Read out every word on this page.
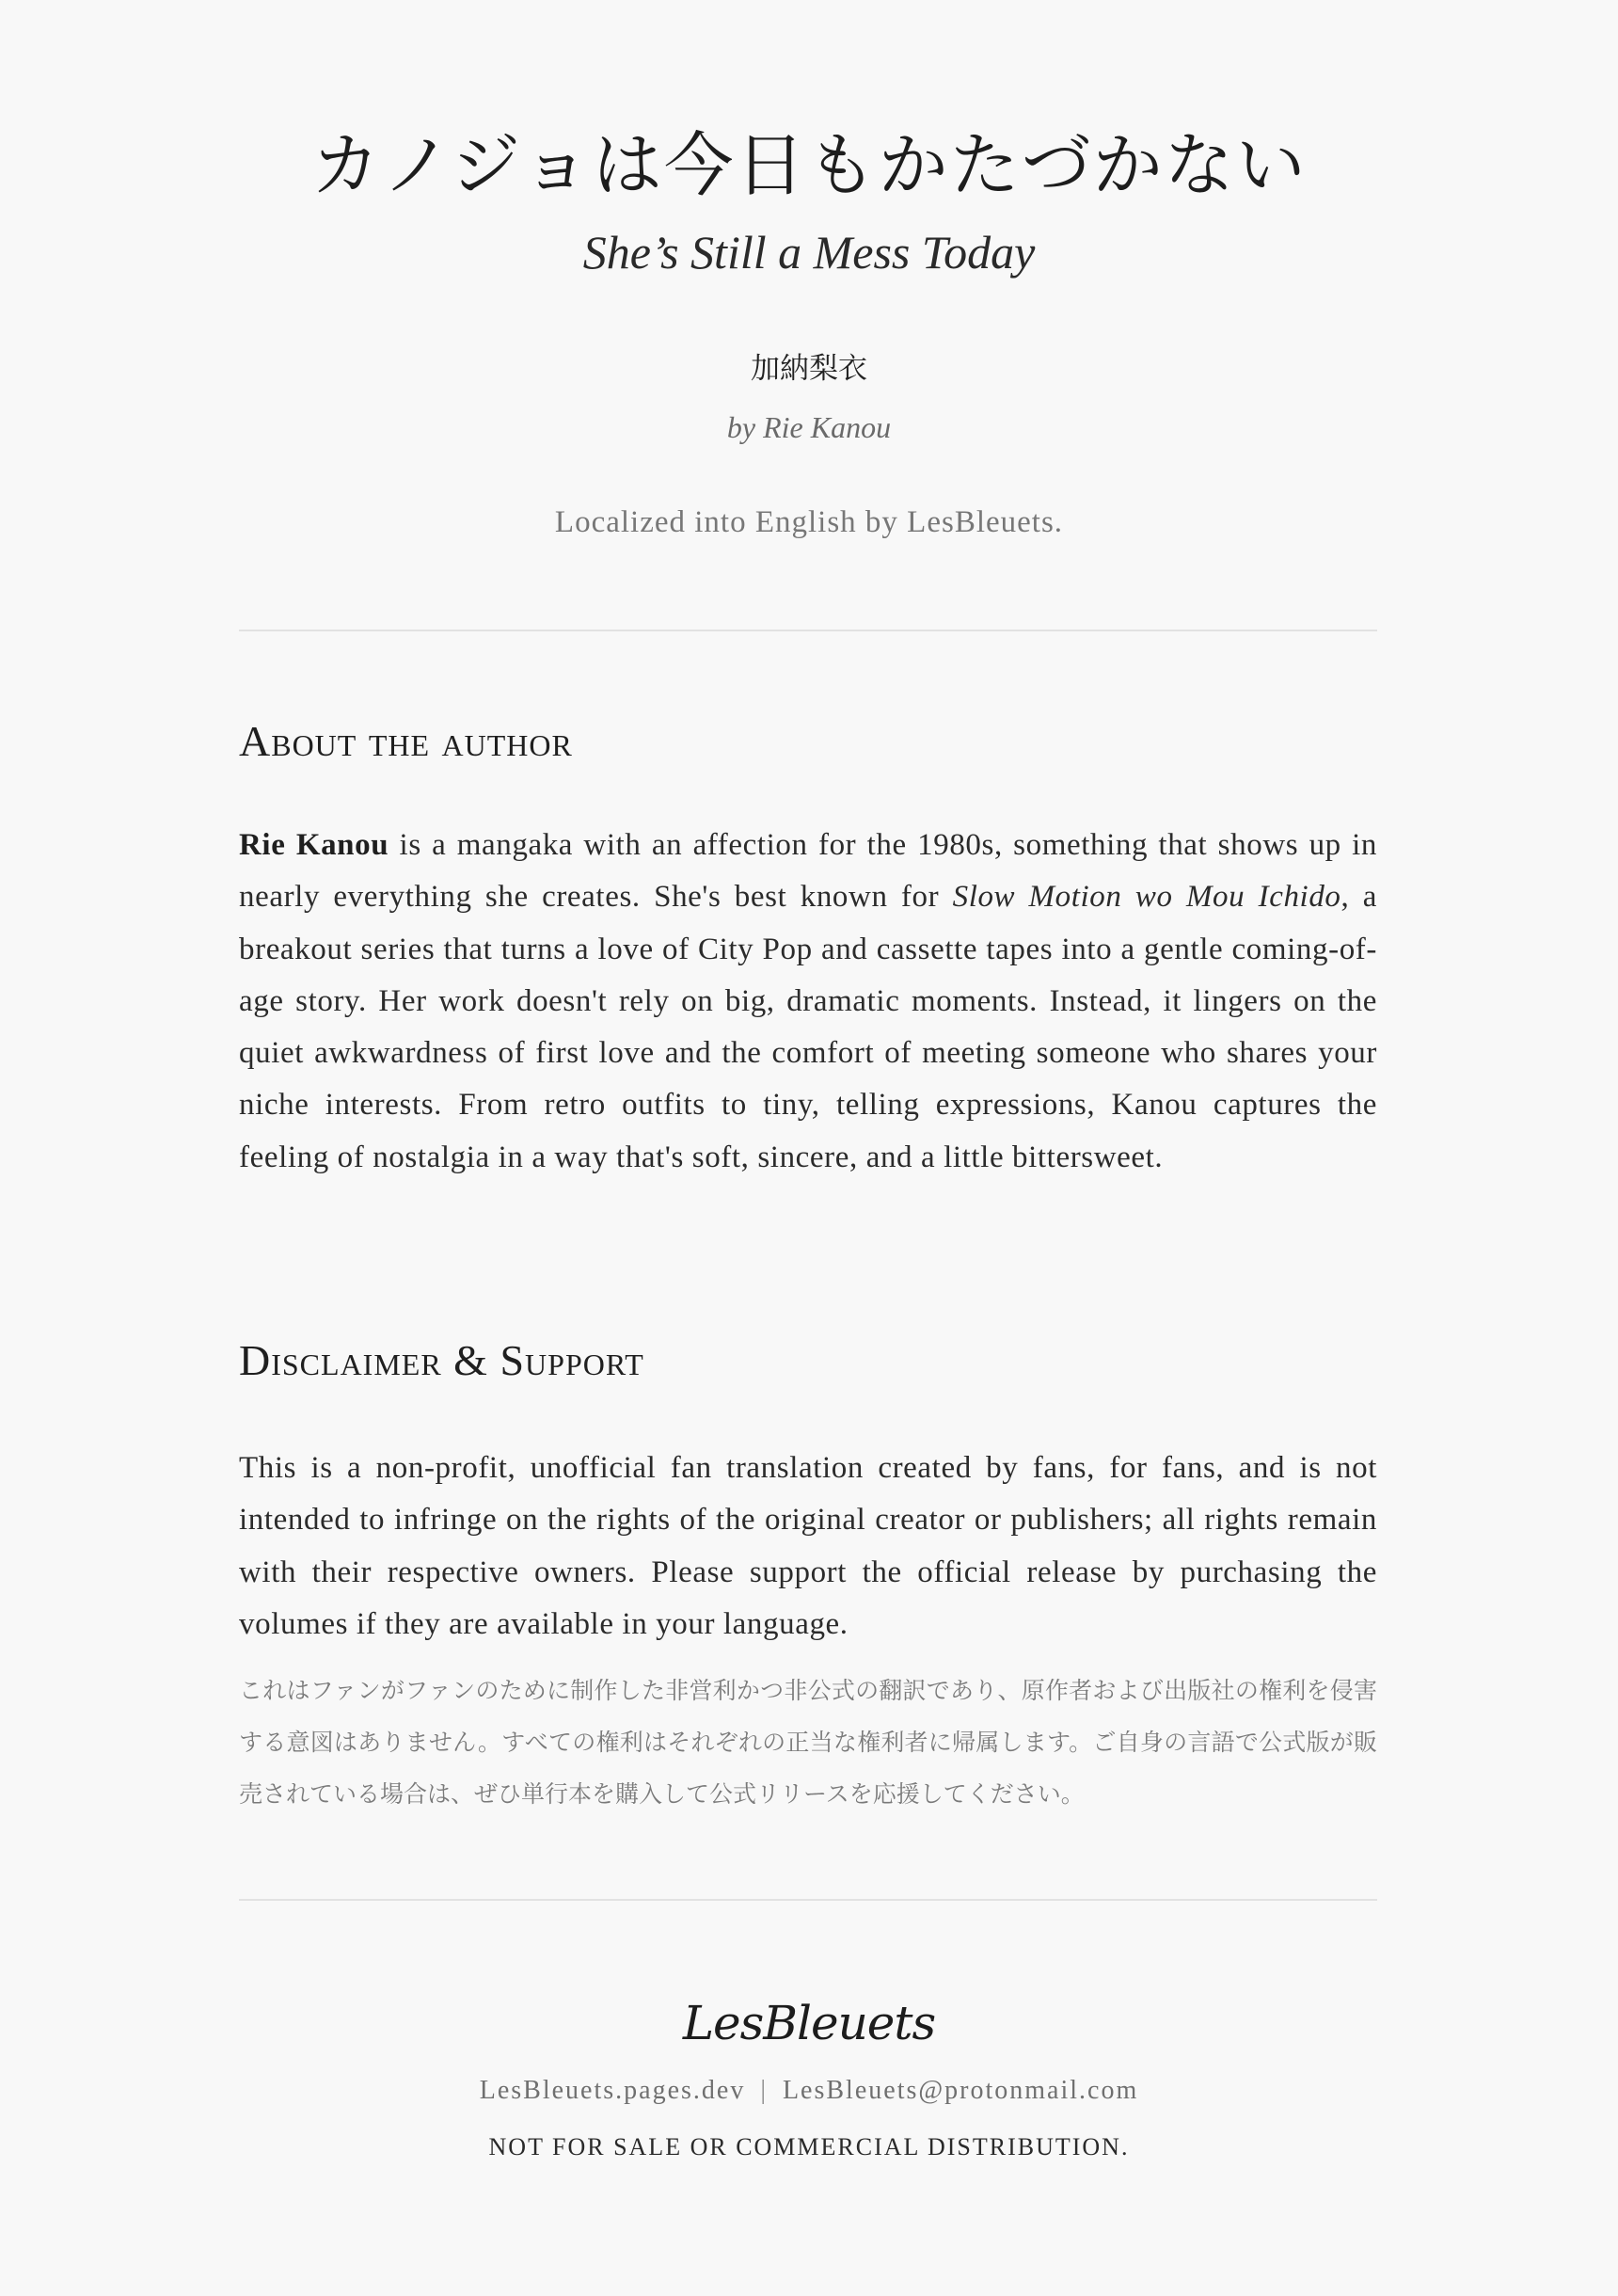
カノジョは今日もかたづかない
She’s Still a Mess Today
加納梨衣
by Rie Kanou
Localized into English by LesBleuets.
About the author
Rie Kanou is a mangaka with an affection for the 1980s, something that shows up in nearly everything she creates. She's best known for Slow Motion wo Mou Ichido, a breakout series that turns a love of City Pop and cassette tapes into a gentle coming-of-age story. Her work doesn't rely on big, dramatic moments. Instead, it lingers on the quiet awkwardness of first love and the comfort of meeting someone who shares your niche interests. From retro outfits to tiny, telling expressions, Kanou captures the feeling of nostalgia in a way that's soft, sincere, and a little bittersweet.
Disclaimer & Support
This is a non-profit, unofficial fan translation created by fans, for fans, and is not intended to infringe on the rights of the original creator or publishers; all rights remain with their respective owners. Please support the official release by purchasing the volumes if they are available in your language.
これはファンがファンのために制作した非営利かつ非公式の翻訳であり、原作者および出版社の権利を侵害する意図はありません。すべての権利はそれぞれの正当な権利者に帰属します。ご自身の言語で公式版が販売されている場合は、ぜひ単行本を購入して公式リリースを応援してください。
LesBleuets
LesBleuets.pages.dev | LesBleuets@protonmail.com
NOT FOR SALE OR COMMERCIAL DISTRIBUTION.
